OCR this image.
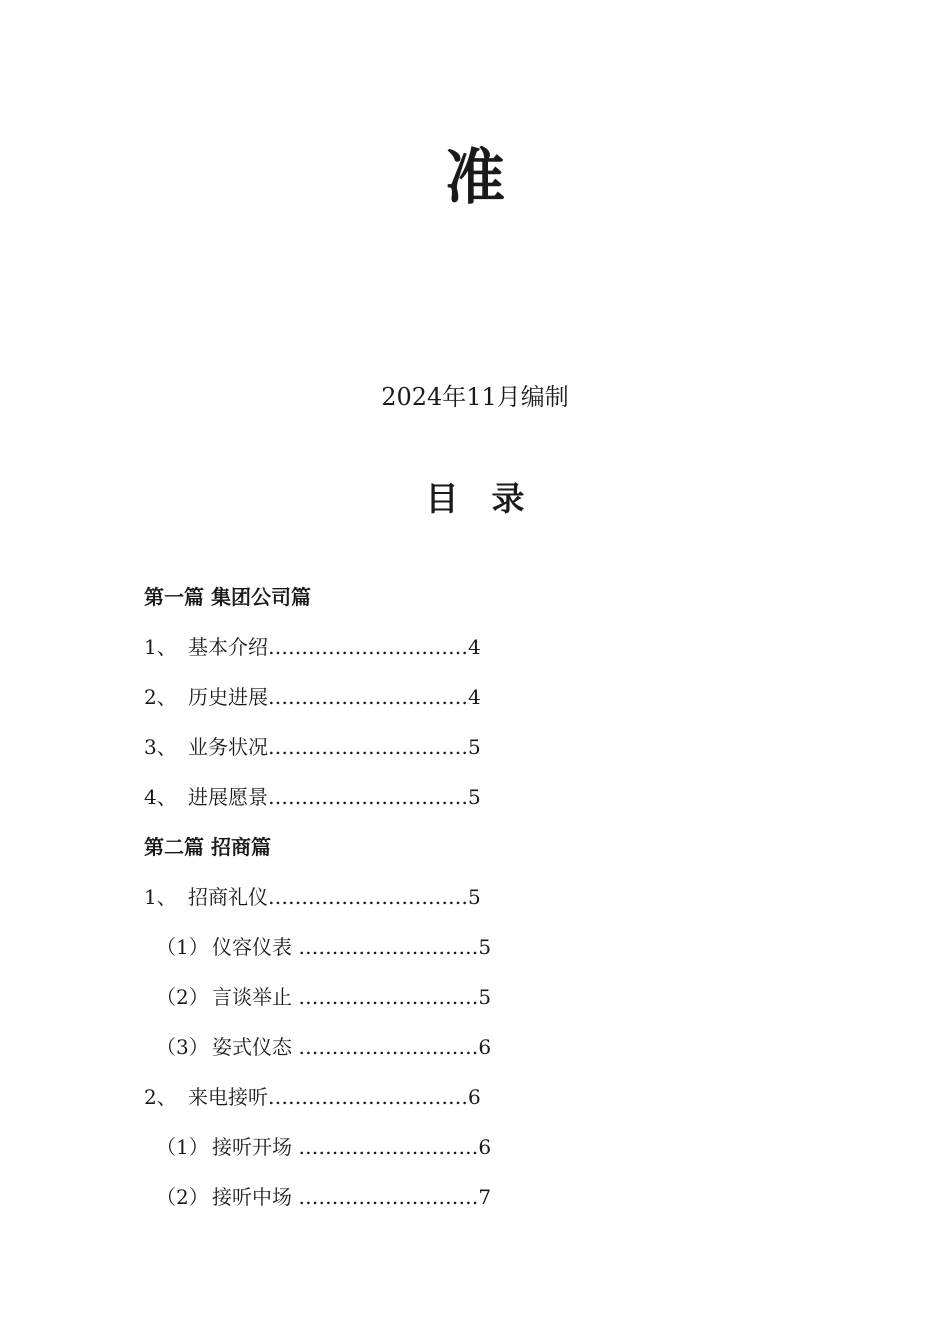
准
2024年11月编制
目　录
第一篇 集团公司篇
1、 基本介绍…………………………4
2、 历史进展…………………………4
3、 业务状况…………………………5
4、 进展愿景…………………………5
第二篇 招商篇
1、 招商礼仪…………………………5
（1） 仪容仪表 ………………………5
（2） 言谈举止 ………………………5
（3） 姿式仪态 ………………………6
2、 来电接听…………………………6
（1） 接听开场 ………………………6
（2） 接听中场 ………………………7
